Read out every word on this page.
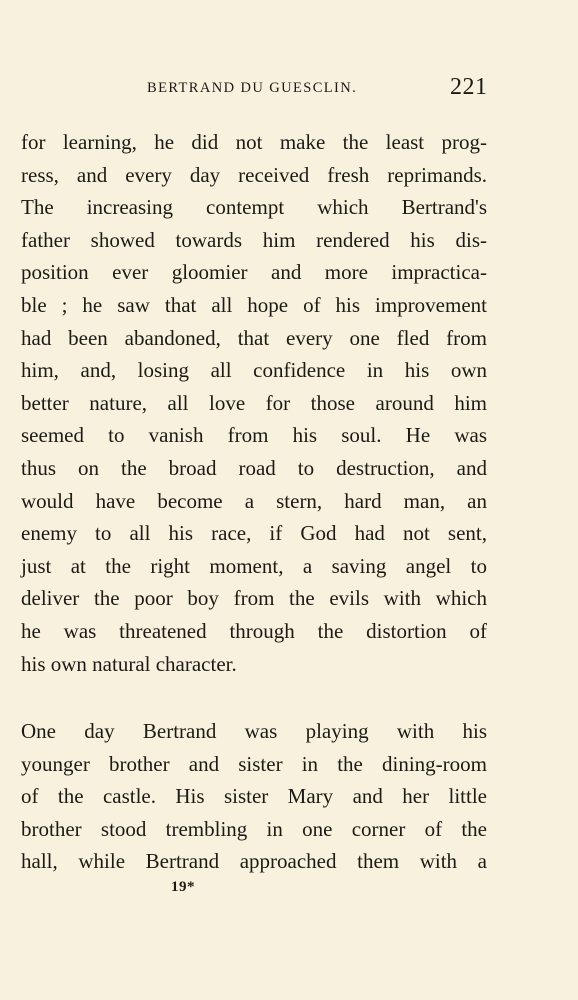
BERTRAND DU GUESCLIN.	221
for learning, he did not make the least prog-
ress, and every day received fresh reprimands.
The increasing contempt which Bertrand's
father showed towards him rendered his dis-
position ever gloomier and more impractica-
ble ; he saw that all hope of his improvement
had been abandoned, that every one fled from
him, and, losing all confidence in his own
better nature, all love for those around him
seemed to vanish from his soul. He was
thus on the broad road to destruction, and
would have become a stern, hard man, an
enemy to all his race, if God had not sent,
just at the right moment, a saving angel to
deliver the poor boy from the evils with which
he was threatened through the distortion of
his own natural character.
One day Bertrand was playing with his
younger brother and sister in the dining-room
of the castle. His sister Mary and her little
brother stood trembling in one corner of the
hall, while Bertrand approached them with a
19*
